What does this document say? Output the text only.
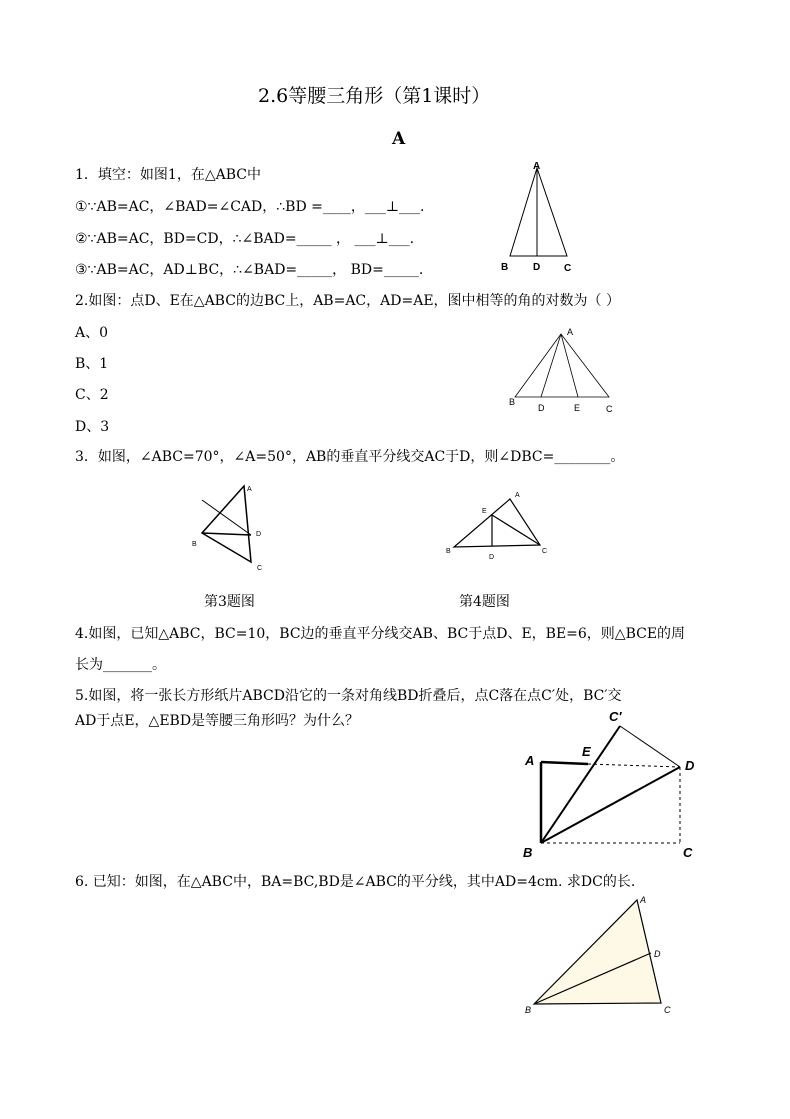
2.6等腰三角形（第1课时）
A
1．填空：如图1，在△ABC中
①∵AB=AC，∠BAD=∠CAD，∴BD =____，___⊥___.
②∵AB=AC，BD=CD，∴∠BAD=_____ ， ___⊥___.
③∵AB=AC，AD⊥BC，∴∠BAD=_____， BD=_____.
A
B D C
2.如图：点D、E在△ABC的边BC上，AB=AC，AD=AE，图中相等的角的对数为（ ）
A、0
B、1
C、2
D、3
A
B
D	E	C
3．如图，∠ABC=70°，∠A=50°，AB的垂直平分线交AC于D，则∠DBC=________。
A
B
D
C
第3题图
A
E
B
D
C
第4题图
4.如图，已知△ABC，BC=10，BC边的垂直平分线交AB、BC于点D、E，BE=6，则△BCE的周
长为_______。
5.如图，将一张长方形纸片ABCD沿它的一条对角线BD折叠后，点C落在点C′处，BC′交
AD于点E，△EBD是等腰三角形吗？为什么？
A
E
C′
D
B	C
6. 已知：如图，在△ABC中，BA=BC,BD是∠ABC的平分线，其中AD=4cm. 求DC的长.
A
D
B	C
